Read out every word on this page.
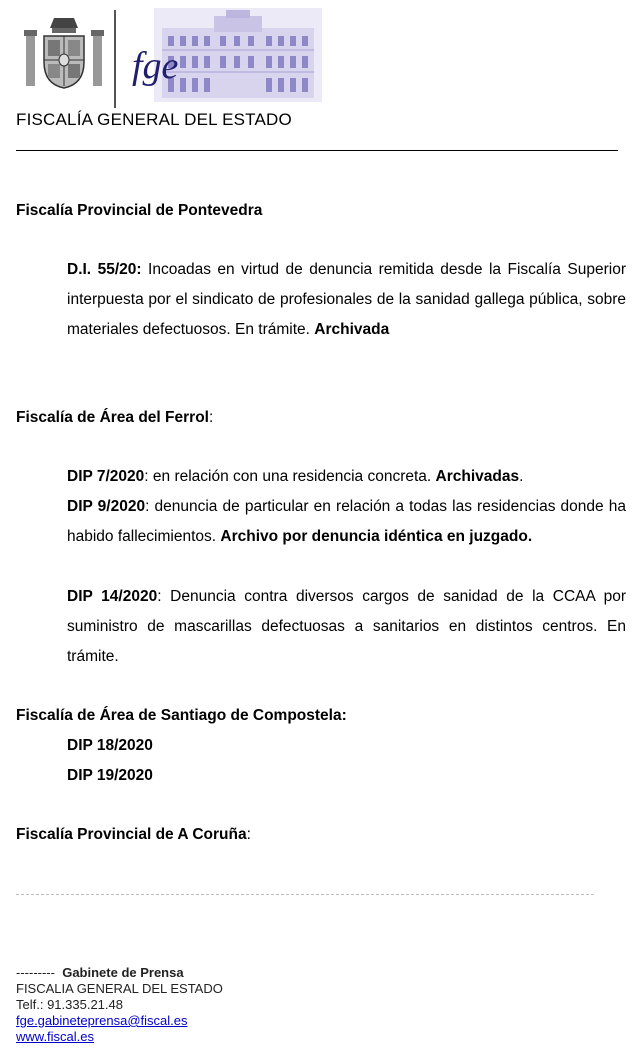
fge
FISCALÍA GENERAL DEL ESTADO
Fiscalía Provincial de Pontevedra
D.I. 55/20: Incoadas en virtud de denuncia remitida desde la Fiscalía Superior interpuesta por el sindicato de profesionales de la sanidad gallega pública, sobre materiales defectuosos. En trámite. Archivada
Fiscalía de Área del Ferrol:
DIP 7/2020: en relación con una residencia concreta. Archivadas.
DIP 9/2020: denuncia de particular en relación a todas las residencias donde ha habido fallecimientos. Archivo por denuncia idéntica en juzgado.
DIP 14/2020: Denuncia contra diversos cargos de sanidad de la CCAA por suministro de mascarillas defectuosas a sanitarios en distintos centros. En trámite.
Fiscalía de Área de Santiago de Compostela:
DIP 18/2020
DIP 19/2020
Fiscalía Provincial de A Coruña:
--------- Gabinete de Prensa
FISCALIA GENERAL DEL ESTADO
Telf.: 91.335.21.48
fge.gabineteprensa@fiscal.es
www.fiscal.es
